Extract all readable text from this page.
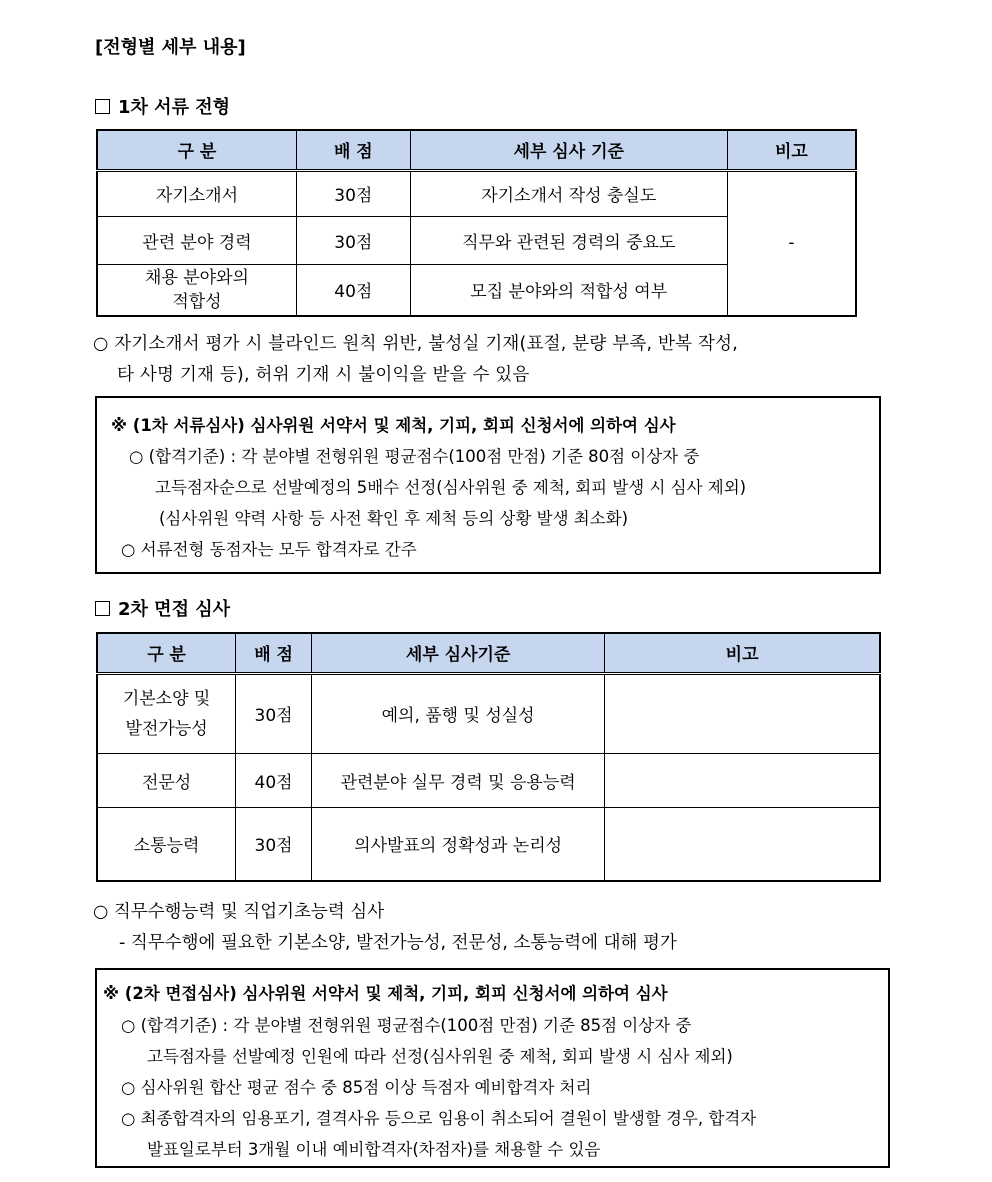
[전형별 세부 내용]
1차 서류 전형
구 분	배 점	세부 심사 기준	비고
자기소개서	30점	자기소개서 작성 충실도	-
관련 분야 경력	30점	직무와 관련된 경력의 중요도	
채용 분야와의
적합성	40점	모집 분야와의 적합성 여부	
○ 자기소개서 평가 시 블라인드 원칙 위반, 불성실 기재(표절, 분량 부족, 반복 작성,
타 사명 기재 등), 허위 기재 시 불이익을 받을 수 있음
※ (1차 서류심사) 심사위원 서약서 및 제척, 기피, 회피 신청서에 의하여 심사
○ (합격기준) : 각 분야별 전형위원 평균점수(100점 만점) 기준 80점 이상자 중
고득점자순으로 선발예정의 5배수 선정(심사위원 중 제척, 회피 발생 시 심사 제외)
(심사위원 약력 사항 등 사전 확인 후 제척 등의 상황 발생 최소화)
○ 서류전형 동점자는 모두 합격자로 간주
2차 면접 심사
구 분	배 점	세부 심사기준	비고
기본소양 및
발전가능성	30점	예의, 품행 및 성실성	
전문성	40점	관련분야 실무 경력 및 응용능력	
소통능력	30점	의사발표의 정확성과 논리성	
○ 직무수행능력 및 직업기초능력 심사
- 직무수행에 필요한 기본소양, 발전가능성, 전문성, 소통능력에 대해 평가
※ (2차 면접심사) 심사위원 서약서 및 제척, 기피, 회피 신청서에 의하여 심사
○ (합격기준) : 각 분야별 전형위원 평균점수(100점 만점) 기준 85점 이상자 중
고득점자를 선발예정 인원에 따라 선정(심사위원 중 제척, 회피 발생 시 심사 제외)
○ 심사위원 합산 평균 점수 중 85점 이상 득점자 예비합격자 처리
○ 최종합격자의 임용포기, 결격사유 등으로 임용이 취소되어 결원이 발생할 경우, 합격자
발표일로부터 3개월 이내 예비합격자(차점자)를 채용할 수 있음
